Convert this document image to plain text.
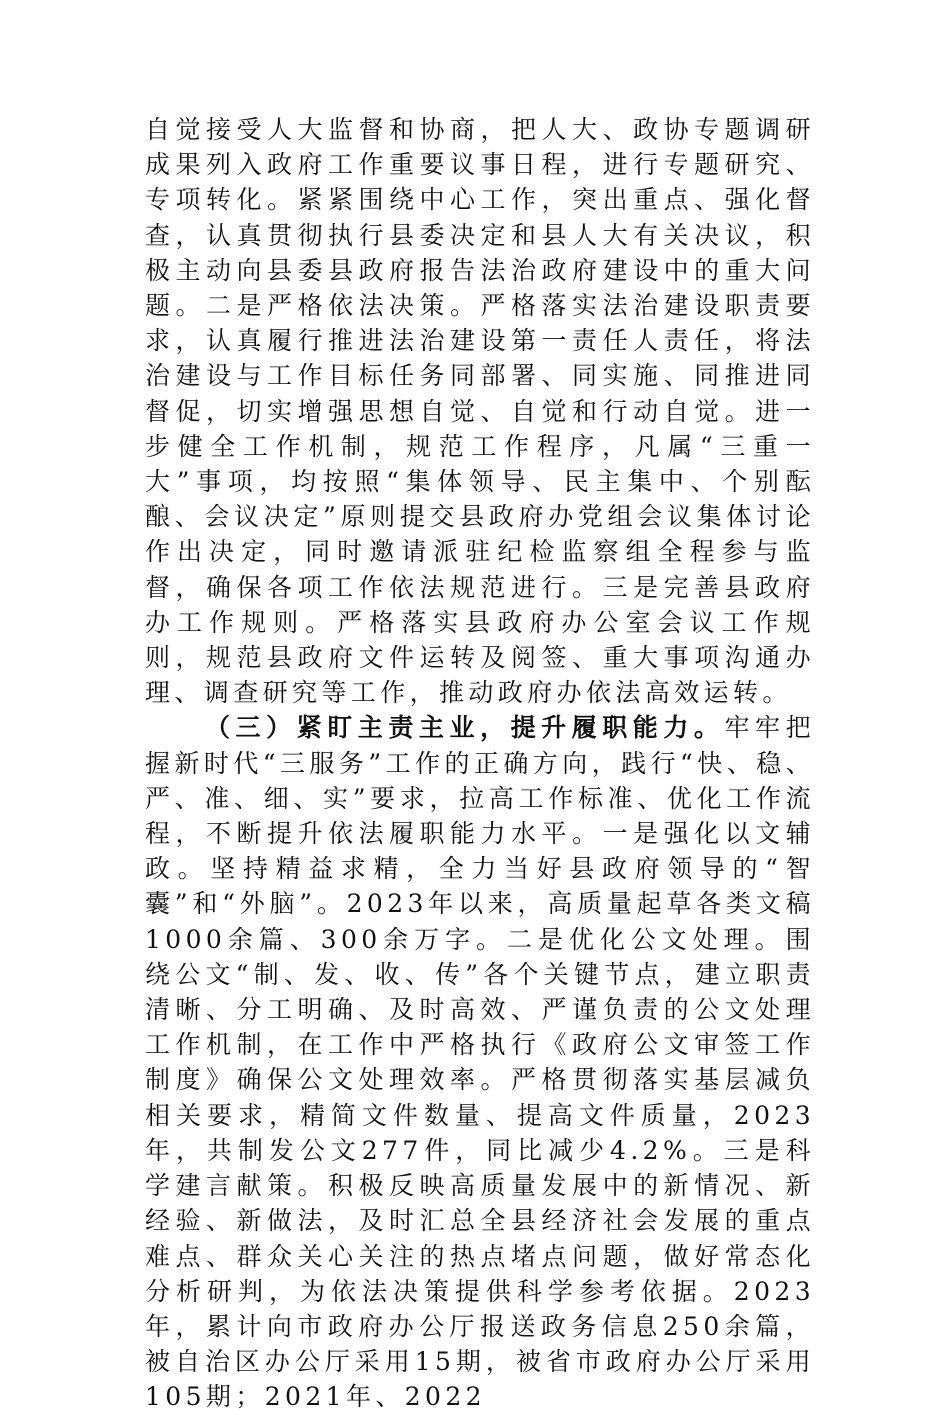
自觉接受人大监督和协商，把人大、政协专题调研成果列入政府工作重要议事日程，进行专题研究、专项转化。紧紧围绕中心工作，突出重点、强化督查，认真贯彻执行县委决定和县人大有关决议，积极主动向县委县政府报告法治政府建设中的重大问题。二是严格依法决策。严格落实法治建设职责要求，认真履行推进法治建设第一责任人责任，将法治建设与工作目标任务同部署、同实施、同推进同督促，切实增强思想自觉、自觉和行动自觉。进一步健全工作机制，规范工作程序，凡属“三重一大”事项，均按照“集体领导、民主集中、个别酝酿、会议决定”原则提交县政府办党组会议集体讨论作出决定，同时邀请派驻纪检监察组全程参与监督，确保各项工作依法规范进行。三是完善县政府办工作规则。严格落实县政府办公室会议工作规则，规范县政府文件运转及阅签、重大事项沟通办理、调查研究等工作，推动政府办依法高效运转。

（三）紧盯主责主业，提升履职能力。牢牢把握新时代“三服务”工作的正确方向，践行“快、稳、严、准、细、实”要求，拉高工作标准、优化工作流程，不断提升依法履职能力水平。一是强化以文辅政。坚持精益求精，全力当好县政府领导的“智囊”和“外脑”。2023年以来，高质量起草各类文稿1000余篇、300余万字。二是优化公文处理。围绕公文“制、发、收、传”各个关键节点，建立职责清晰、分工明确、及时高效、严谨负责的公文处理工作机制，在工作中严格执行《政府公文审签工作制度》确保公文处理效率。严格贯彻落实基层减负相关要求，精简文件数量、提高文件质量，2023年，共制发公文277件，同比减少4.2%。三是科学建言献策。积极反映高质量发展中的新情况、新经验、新做法，及时汇总全县经济社会发展的重点难点、群众关心关注的热点堵点问题，做好常态化分析研判，为依法决策提供科学参考依据。2023年，累计向市政府办公厅报送政务信息250余篇，被自治区办公厅采用15期，被省市政府办公厅采用105期；2021年、2022
